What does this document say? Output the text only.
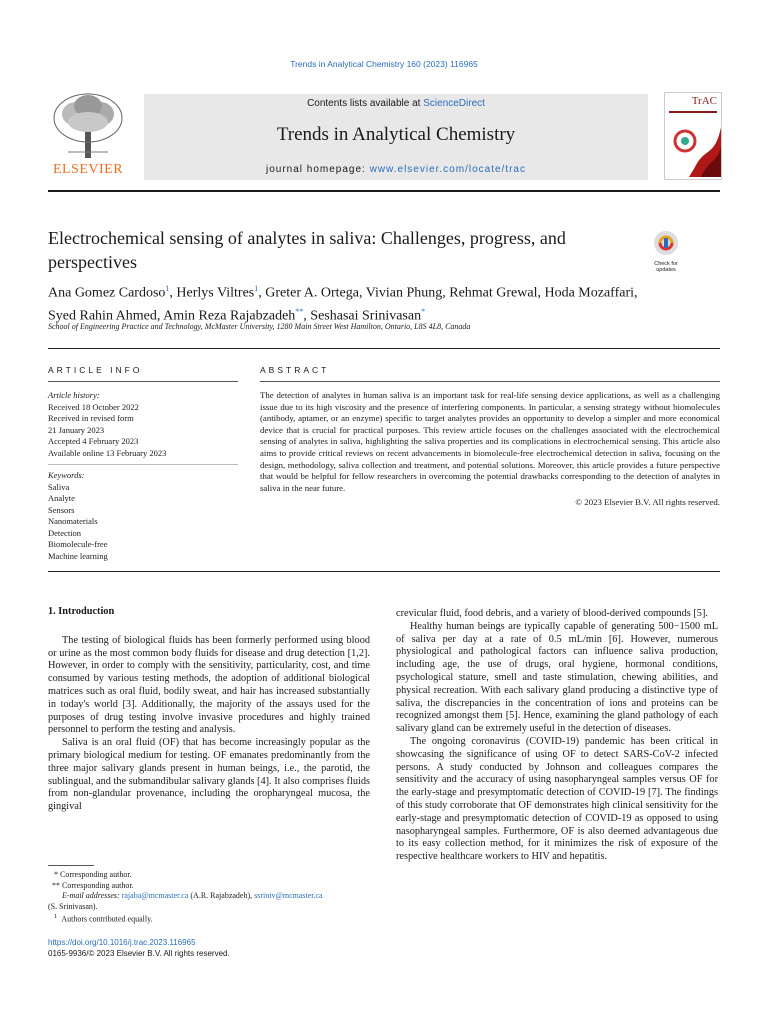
Trends in Analytical Chemistry 160 (2023) 116965
ELSEVIER
Contents lists available at ScienceDirect
Trends in Analytical Chemistry
journal homepage: www.elsevier.com/locate/trac
TrAC
Electrochemical sensing of analytes in saliva: Challenges, progress, and perspectives	Check for updates
Ana Gomez Cardoso$^1$, Herlys Viltres$^1$, Greter A. Ortega, Vivian Phung, Rehmat Grewal, Hoda Mozaffari, Syed Rahin Ahmed, Amin Reza Rajabzadeh**, Seshasai Srinivasan*
School of Engineering Practice and Technology, McMaster University, 1280 Main Street West Hamilton, Ontario, L8S 4L8, Canada
ARTICLE INFO	ABSTRACT
Article history:
Received 18 October 2022
Received in revised form
21 January 2023
Accepted 4 February 2023
Available online 13 February 2023
Keywords:
Saliva
Analyte
Sensors
Nanomaterials
Detection
Biomolecule-free
Machine learning
The detection of analytes in human saliva is an important task for real-life sensing device applications, as well as a challenging issue due to its high viscosity and the presence of interfering components. In particular, a sensing strategy without biomolecules (antibody, aptamer, or an enzyme) specific to target analytes provides an opportunity to develop a simpler and more economical device that is crucial for practical purposes. This review article focuses on the challenges associated with the electrochemical sensing of analytes in saliva, highlighting the saliva properties and its complications in electrochemical sensing. This article also aims to provide critical reviews on recent advancements in biomolecule-free electrochemical detection in saliva, focusing on the design, methodology, saliva collection and treatment, and potential solutions. Moreover, this article provides a future perspective that would be helpful for fellow researchers in overcoming the potential drawbacks corresponding to the detection of analytes in saliva in the near future.
© 2023 Elsevier B.V. All rights reserved.
1. Introduction

The testing of biological fluids has been formerly performed using blood or urine as the most common body fluids for disease and drug detection [1,2]. However, in order to comply with the sensitivity, particularity, cost, and time consumed by various testing methods, the adoption of additional biological matrices such as oral fluid, bodily sweat, and hair has increased substantially in today's world [3]. Additionally, the majority of the assays used for the purposes of drug testing involve invasive procedures and highly trained personnel to perform the testing and analysis.

Saliva is an oral fluid (OF) that has become increasingly popular as the primary biological medium for testing. OF emanates predominantly from the three major salivary glands present in human beings, i.e., the parotid, the sublingual, and the submandibular salivary glands [4]. It also comprises fluids from non-glandular provenance, including the oropharyngeal mucosa, the gingival

crevicular fluid, food debris, and a variety of blood-derived compounds [5].

Healthy human beings are typically capable of generating 500−1500 mL of saliva per day at a rate of 0.5 mL/min [6]. However, numerous physiological and pathological factors can influence saliva production, including age, the use of drugs, oral hygiene, hormonal conditions, psychological stature, smell and taste stimulation, chewing abilities, and physical recreation. With each salivary gland producing a distinctive type of saliva, the discrepancies in the concentration of ions and proteins can be recognized amongst them [5]. Hence, examining the gland pathology of each salivary gland can be extremely useful in the detection of diseases.

The ongoing coronavirus (COVID-19) pandemic has been critical in showcasing the significance of using OF to detect SARS-CoV-2 infected persons. A study conducted by Johnson and colleagues compares the sensitivity and the accuracy of using nasopharyngeal samples versus OF for the early-stage and presymptomatic detection of COVID-19 [7]. The findings of this study corroborate that OF demonstrates high clinical sensitivity for the early-stage and presymptomatic detection of COVID-19 as opposed to using nasopharyngeal samples. Furthermore, OF is also deemed advantageous due to its easy collection method, for it minimizes the risk of exposure of the respective healthcare workers to HIV and hepatitis.

* Corresponding author.
** Corresponding author.
E-mail addresses: rajaba@mcmaster.ca (A.R. Rajabzadeh), ssriniv@mcmaster.ca
(S. Srinivasan).
$^1$ Authors contributed equally.
https://doi.org/10.1016/j.trac.2023.116965
0165-9936/© 2023 Elsevier B.V. All rights reserved.
